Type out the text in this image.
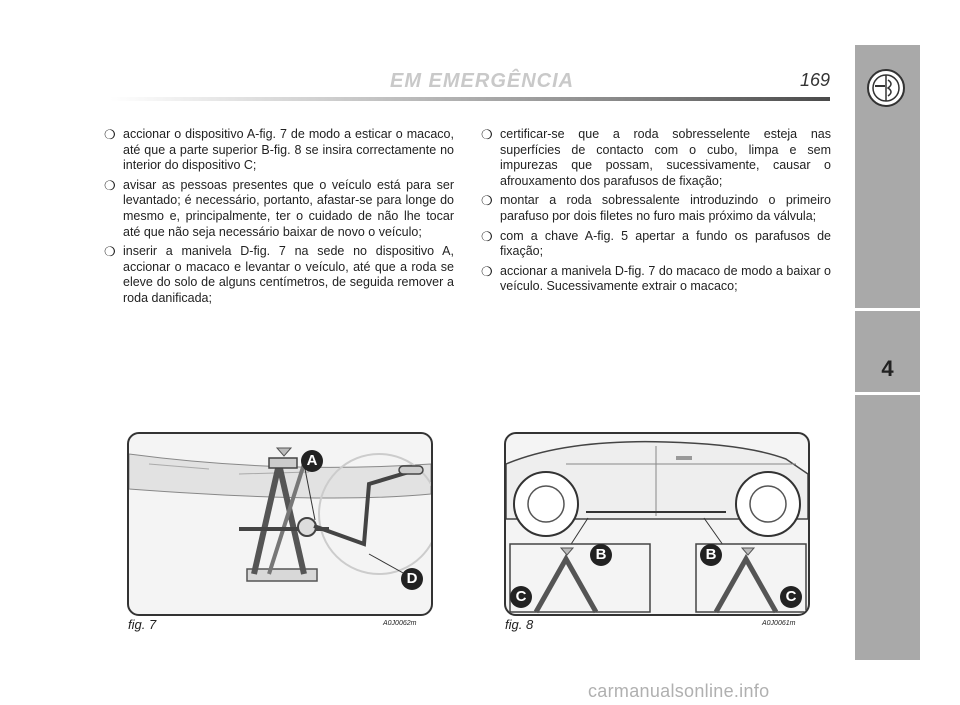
EM EMERGÊNCIA	169
4
❍ accionar o dispositivo A-fig. 7 de modo a esticar o macaco, até que a parte superior B-fig. 8 se insira correctamente no interior do dispositivo C;
❍ avisar as pessoas presentes que o veículo está para ser levantado; é necessário, portanto, afastar-se para longe do mesmo e, principalmente, ter o cuidado de não lhe tocar até que não seja necessário baixar de novo o veículo;
❍ inserir a manivela D-fig. 7 na sede no dispositivo A, accionar o macaco e levantar o veículo, até que a roda se eleve do solo de alguns centímetros, de seguida remover a roda danificada;
❍ certificar-se que a roda sobresselente esteja nas superfícies de contacto com o cubo, limpa e sem impurezas que possam, sucessivamente, causar o afrouxamento dos parafusos de fixação;
❍ montar a roda sobressalente introduzindo o primeiro parafuso por dois filetes no furo mais próximo da válvula;
❍ com a chave A-fig. 5 apertar a fundo os parafusos de fixação;
❍ accionar a manivela D-fig. 7 do macaco de modo a baixar o veículo. Sucessivamente extrair o macaco;
A
D
fig. 7	A0J0062m
B
C
B
C
fig. 8	A0J0061m
carmanualsonline.info
